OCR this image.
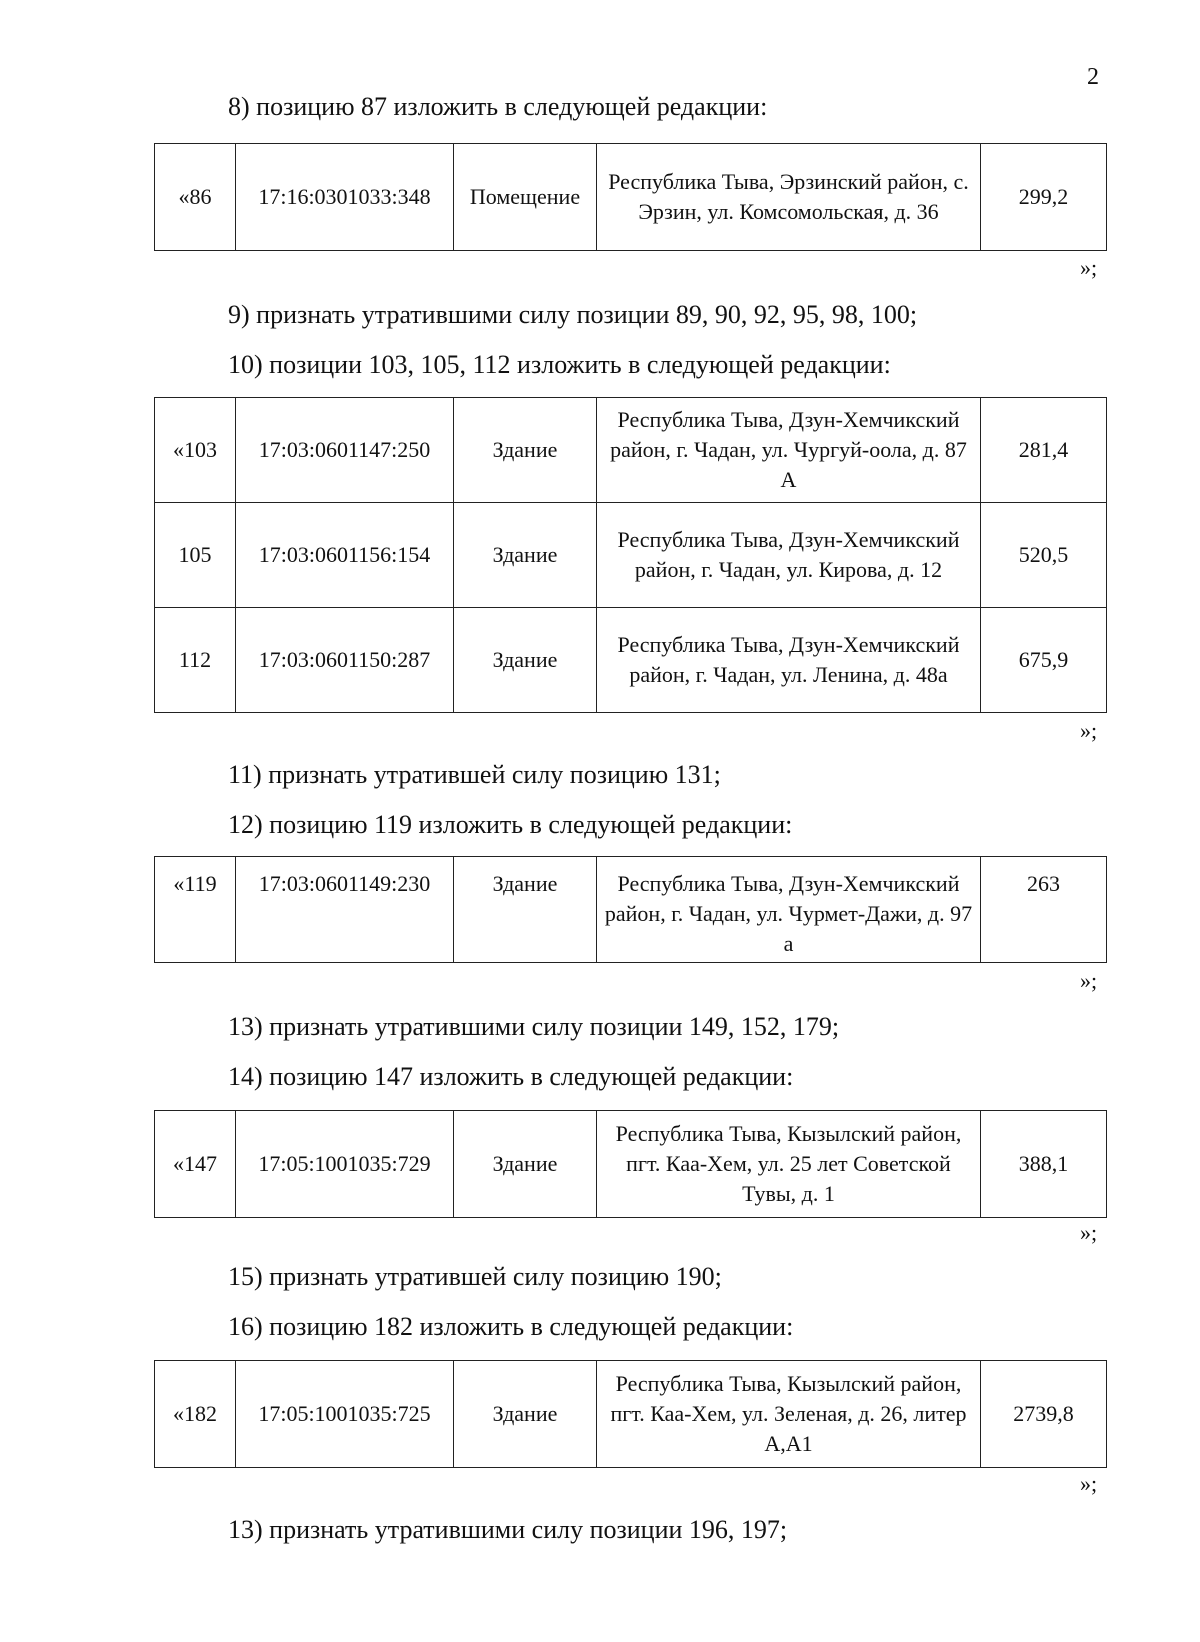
2
8) позицию 87 изложить в следующей редакции:
«86	17:16:0301033:348	Помещение	Республика Тыва, Эрзинский район, с. Эрзин, ул. Комсомольская, д. 36	299,2
»;
9) признать утратившими силу позиции 89, 90, 92, 95, 98, 100;
10) позиции 103, 105, 112 изложить в следующей редакции:
«103	17:03:0601147:250	Здание	Республика Тыва, Дзун-Хемчикский район, г. Чадан, ул. Чургуй-оола, д. 87 А	281,4
105	17:03:0601156:154	Здание	Республика Тыва, Дзун-Хемчикский район, г. Чадан, ул. Кирова, д. 12	520,5
112	17:03:0601150:287	Здание	Республика Тыва, Дзун-Хемчикский район, г. Чадан, ул. Ленина, д. 48а	675,9
»;
11) признать утратившей силу позицию 131;
12) позицию 119 изложить в следующей редакции:
«119	17:03:0601149:230	Здание	Республика Тыва, Дзун-Хемчикский район, г. Чадан, ул. Чурмет-Дажи, д. 97 а	263
»;
13) признать утратившими силу позиции 149, 152, 179;
14) позицию 147 изложить в следующей редакции:
«147	17:05:1001035:729	Здание	Республика Тыва, Кызылский район, пгт. Каа-Хем, ул. 25 лет Советской Тувы, д. 1	388,1
»;
15) признать утратившей силу позицию 190;
16) позицию 182 изложить в следующей редакции:
«182	17:05:1001035:725	Здание	Республика Тыва, Кызылский район, пгт. Каа-Хем, ул. Зеленая, д. 26, литер А,А1	2739,8
»;
13) признать утратившими силу позиции 196, 197;
